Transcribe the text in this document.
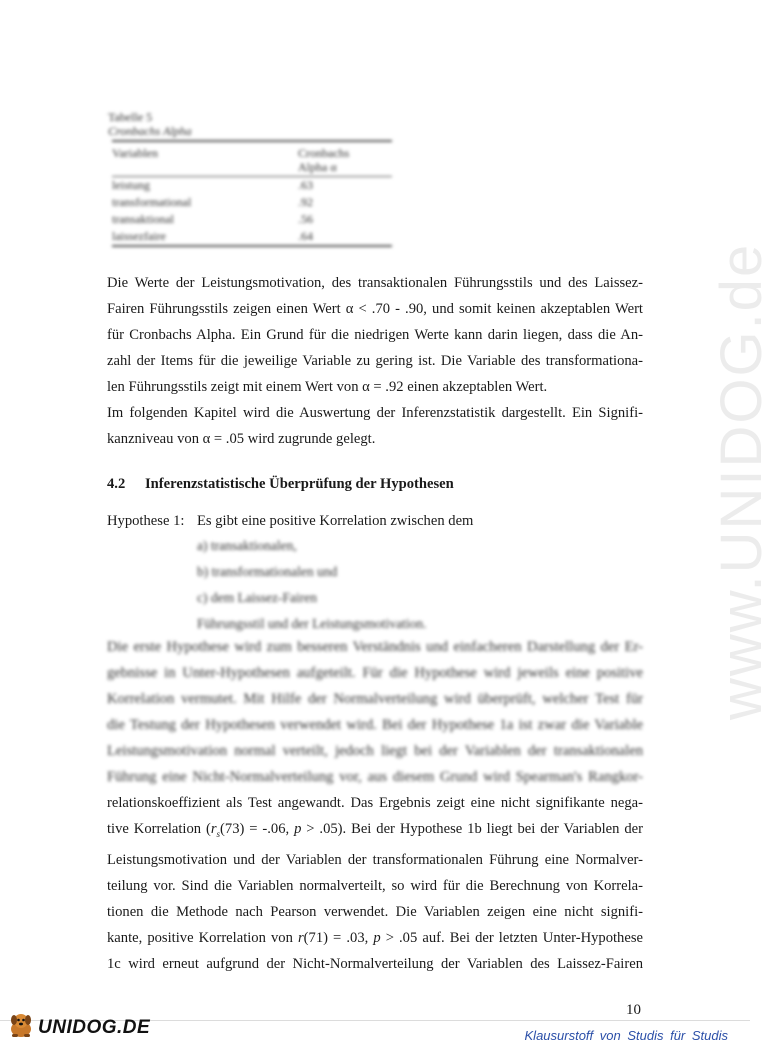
www.UNIDOG.de
Tabelle 5
Cronbachs Alpha
Variablen	Cronbachs
Alpha α
leistung	.63
transformational	.92
transaktional	.56
laissezfaire	.64
Die Werte der Leistungsmotivation, des transaktionalen Führungsstils und des Laissez-
Fairen Führungsstils zeigen einen Wert α < .70 - .90, und somit keinen akzeptablen Wert
für Cronbachs Alpha. Ein Grund für die niedrigen Werte kann darin liegen, dass die An-
zahl der Items für die jeweilige Variable zu gering ist. Die Variable des transformationa-
len Führungsstils zeigt mit einem Wert von α = .92 einen akzeptablen Wert.
Im folgenden Kapitel wird die Auswertung der Inferenzstatistik dargestellt. Ein Signifi-
kanzniveau von α = .05 wird zugrunde gelegt.
4.2 Inferenzstatistische Überprüfung der Hypothesen
Hypothese 1: Es gibt eine positive Korrelation zwischen dem
a) transaktionalen,
b) transformationalen und
c) dem Laissez-Fairen
Führungsstil und der Leistungsmotivation.
Die erste Hypothese wird zum besseren Verständnis und einfacheren Darstellung der Er-
gebnisse in Unter-Hypothesen aufgeteilt. Für die Hypothese wird jeweils eine positive
Korrelation vermutet. Mit Hilfe der Normalverteilung wird überprüft, welcher Test für
die Testung der Hypothesen verwendet wird. Bei der Hypothese 1a ist zwar die Variable
Leistungsmotivation normal verteilt, jedoch liegt bei der Variablen der transaktionalen
Führung eine Nicht-Normalverteilung vor, aus diesem Grund wird Spearman's Rangkor-
relationskoeffizient als Test angewandt. Das Ergebnis zeigt eine nicht signifikante nega-
tive Korrelation ($r_s(73) = -.06$, p > .05). Bei der Hypothese 1b liegt bei der Variablen der
Leistungsmotivation und der Variablen der transformationalen Führung eine Normalver-
teilung vor. Sind die Variablen normalverteilt, so wird für die Berechnung von Korrela-
tionen die Methode nach Pearson verwendet. Die Variablen zeigen eine nicht signifi-
kante, positive Korrelation von r(71) = .03, p > .05 auf. Bei der letzten Unter-Hypothese
1c wird erneut aufgrund der Nicht-Normalverteilung der Variablen des Laissez-Fairen
10
UNIDOG.DE	Klausurstoff von Studis für Studis
